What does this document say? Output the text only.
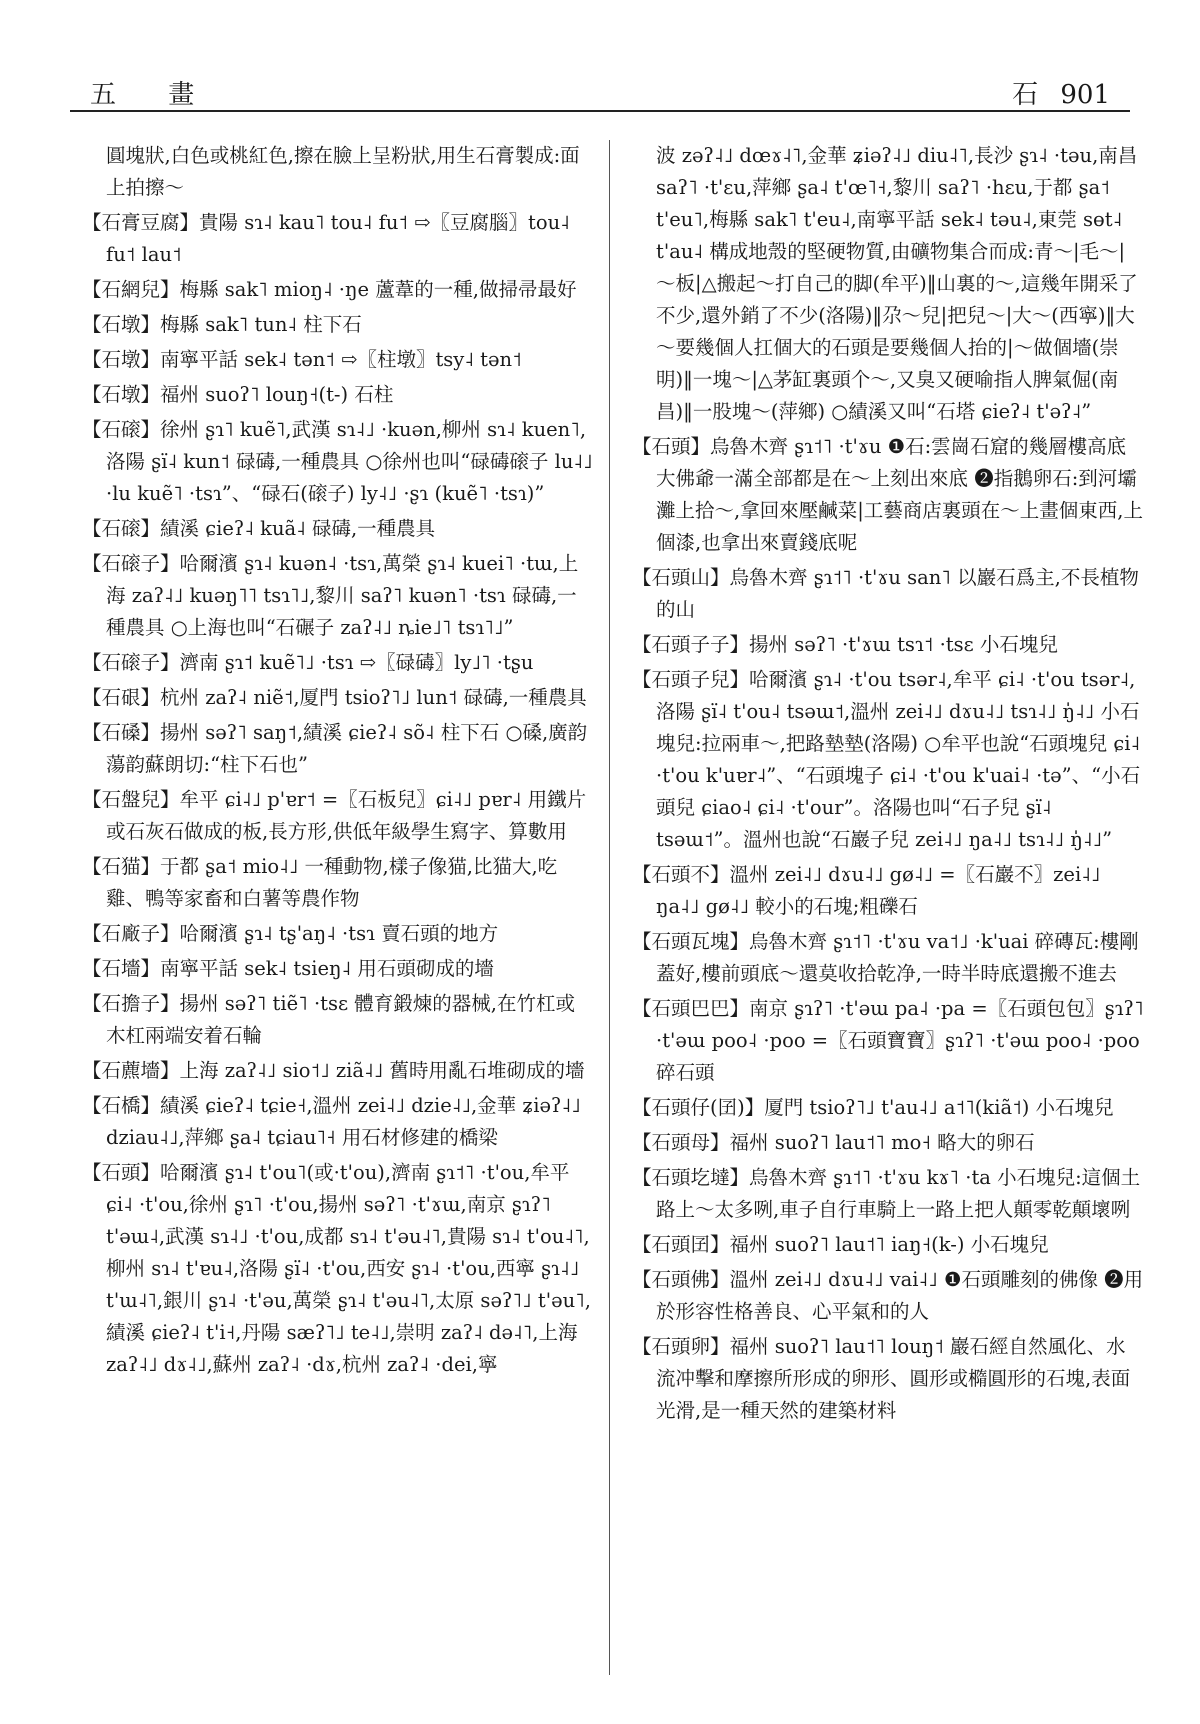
五 畫	石 901

圓塊狀,白色或桃紅色,擦在臉上呈粉狀,用生石膏製成:面上拍擦～

【石膏豆腐】貴陽 sɿ˨ kau˥ tou˨ fu˦ ⇨〖豆腐腦〗tou˨ fu˦ lau˦

【石網兒】梅縣 sak˥ mioŋ˨ ·ŋe 蘆葦的一種,做掃帚最好

【石墩】梅縣 sak˥ tun˨ 柱下石

【石墩】南寧平話 sek˨ tən˦ ⇨〖柱墩〗tsy˨ tən˦

【石墩】福州 suoʔ˥ louŋ˧(t-) 石柱

【石磙】徐州 ʂɿ˥ kuẽ˥,武漢 sɿ˨˩ ·kuən,柳州 sɿ˨ kuen˥,洛陽 ʂï˨ kun˦ 碌碡,一種農具 ○徐州也叫“碌碡磙子 lu˨˩ ·lu kuẽ˥ ·tsɿ”、“碌石(磙子) ly˨˩ ·ʂɿ (kuẽ˥ ·tsɿ)”

【石磙】績溪 ɕieʔ˨ kuã˨ 碌碡,一種農具

【石磙子】哈爾濱 ʂɿ˨ kuən˨ ·tsɿ,萬榮 ʂɿ˨ kuei˥ ·tɯ,上海 zaʔ˨˩ kuəŋ˥˥ tsɿ˥˩,黎川 saʔ˥ kuən˥ ·tsɿ 碌碡,一種農具 ○上海也叫“石碾子 zaʔ˨˩ ȵie˩˥ tsɿ˥˩”

【石磙子】濟南 ʂɿ˦ kuẽ˥˩ ·tsɿ ⇨〖碌碡〗ly˩˥ ·tʂu

【石硍】杭州 zaʔ˨ niẽ˦,厦門 tsioʔ˥˩ lun˦ 碌碡,一種農具

【石磉】揚州 səʔ˥ saŋ˦,績溪 ɕieʔ˨ sõ˨ 柱下石 ○磉,廣韵蕩韵蘇朗切:“柱下石也”

【石盤兒】牟平 ɕi˨˩ p'ɐr˦ =〖石板兒〗ɕi˨˩ pɐr˨ 用鐵片或石灰石做成的板,長方形,供低年級學生寫字、算數用

【石猫】于都 ʂa˦ mio˨˩ 一種動物,樣子像猫,比猫大,吃雞、鴨等家畜和白薯等農作物

【石廠子】哈爾濱 ʂɿ˨ tʂ'aŋ˨ ·tsɿ 賣石頭的地方

【石墻】南寧平話 sek˨ tsieŋ˨ 用石頭砌成的墻

【石擔子】揚州 səʔ˥ tiẽ˥ ·tsɛ 體育鍛煉的器械,在竹杠或木杠兩端安着石輪

【石藨墻】上海 zaʔ˨˩ sio˦˩ ziã˨˩ 舊時用亂石堆砌成的墻

【石橋】績溪 ɕieʔ˨ tɕie˧,溫州 zei˨˩ dzie˨˩,金華 ʑiəʔ˨˩ dziau˨˩,萍鄉 ʂa˨ tɕiau˥˧ 用石材修建的橋梁

【石頭】哈爾濱 ʂɿ˨ t'ou˥(或·t'ou),濟南 ʂɿ˦˥ ·t'ou,牟平 ɕi˨ ·t'ou,徐州 ʂɿ˥ ·t'ou,揚州 səʔ˥ ·t'ɤɯ,南京 ʂɿʔ˥ t'əɯ˨,武漢 sɿ˨˩ ·t'ou,成都 sɿ˨ t'əu˨˥,貴陽 sɿ˨ t'ou˨˥,柳州 sɿ˨ t'ɐu˨,洛陽 ʂï˨ ·t'ou,西安 ʂɿ˨ ·t'ou,西寧 ʂɿ˨˩ t'ɯ˨˥,銀川 ʂɿ˨ ·t'əu,萬榮 ʂɿ˨ t'əu˨˥,太原 səʔ˥˩ t'əu˥,績溪 ɕieʔ˨ t'i˧,丹陽 sæʔ˥˩ te˨˩,崇明 zaʔ˨ də˨˥,上海 zaʔ˨˩ dɤ˨˩,蘇州 zaʔ˨ ·dɤ,杭州 zaʔ˨ ·dei,寧

波 zəʔ˨˩ dœɤ˨˥,金華 ʑiəʔ˨˩ diu˨˥,長沙 ʂɿ˨ ·təu,南昌 saʔ˥ ·t'ɛu,萍鄉 ʂa˨ t'œ˥˧,黎川 saʔ˥ ·hɛu,于都 ʂa˦ t'eu˥,梅縣 sak˥ t'eu˨,南寧平話 sek˨ təu˨,東莞 sөt˨ t'au˨ 構成地殼的堅硬物質,由礦物集合而成:青～|毛～|～板|△搬起～打自己的脚(牟平)‖山裏的～,這幾年開采了不少,還外銷了不少(洛陽)‖尕～兒|把兒～|大～(西寧)‖大～要幾個人扛個大的石頭是要幾個人抬的|～做個墻(崇明)‖一塊～|△茅缸裏頭个～,又臭又硬喻指人脾氣倔(南昌)‖一股塊～(萍鄉) ○績溪又叫“石塔 ɕieʔ˨ t'əʔ˨”

【石頭】烏魯木齊 ʂɿ˦˥ ·t'ɤu ❶石:雲崗石窟的幾層樓高底大佛爺一滿全部都是在～上刻出來底 ❷指鵝卵石:到河壩灘上拾～,拿回來壓鹹菜|工藝商店裏頭在～上畫個東西,上個漆,也拿出來賣錢底呢

【石頭山】烏魯木齊 ʂɿ˦˥ ·t'ɤu san˥ 以巖石爲主,不長植物的山

【石頭子子】揚州 səʔ˥ ·t'ɤɯ tsɿ˦ ·tsɛ 小石塊兒

【石頭子兒】哈爾濱 ʂɿ˨ ·t'ou tsər˨,牟平 ɕi˨ ·t'ou tsər˨,洛陽 ʂï˨ t'ou˨ tsəɯ˦,溫州 zei˨˩ dɤu˨˩ tsɿ˨˩ ŋ̍˨˩ 小石塊兒:拉兩車～,把路墊墊(洛陽) ○牟平也說“石頭塊兒 ɕi˨ ·t'ou k'uɐr˨”、“石頭塊子 ɕi˨ ·t'ou k'uai˨ ·tə”、“小石頭兒 ɕiao˨ ɕi˨ ·t'our”。洛陽也叫“石子兒 ʂï˨ tsəɯ˦”。溫州也說“石巖子兒 zei˨˩ ŋa˨˩ tsɿ˨˩ ŋ̍˨˩”

【石頭不】溫州 zei˨˩ dɤu˨˩ gø˨˩ =〖石巖不〗zei˨˩ ŋa˨˩ gø˨˩ 較小的石塊;粗礫石

【石頭瓦塊】烏魯木齊 ʂɿ˦˥ ·t'ɤu va˦˩ ·k'uai 碎磚瓦:樓剛蓋好,樓前頭底～還莫收拾乾净,一時半時底還搬不進去

【石頭巴巴】南京 ʂɿʔ˥ ·t'əɯ pa˨ ·pa =〖石頭包包〗ʂɿʔ˥ ·t'əɯ poo˨ ·poo =〖石頭寶寶〗ʂɿʔ˥ ·t'əɯ poo˨ ·poo 碎石頭

【石頭仔(囝)】厦門 tsioʔ˥˩ t'au˨˩ a˦˥(kiã˦) 小石塊兒

【石頭母】福州 suoʔ˥ lau˦˥ mo˧ 略大的卵石

【石頭圪墶】烏魯木齊 ʂɿ˦˥ ·t'ɤu kɤ˥ ·ta 小石塊兒:這個土路上～太多咧,車子自行車騎上一路上把人顛零乾顛壞咧

【石頭囝】福州 suoʔ˥ lau˦˥ iaŋ˧(k-) 小石塊兒

【石頭佛】溫州 zei˨˩ dɤu˨˩ vai˨˩ ❶石頭雕刻的佛像 ❷用於形容性格善良、心平氣和的人

【石頭卵】福州 suoʔ˥ lau˦˥ louŋ˦ 巖石經自然風化、水流冲擊和摩擦所形成的卵形、圓形或橢圓形的石塊,表面光滑,是一種天然的建築材料
